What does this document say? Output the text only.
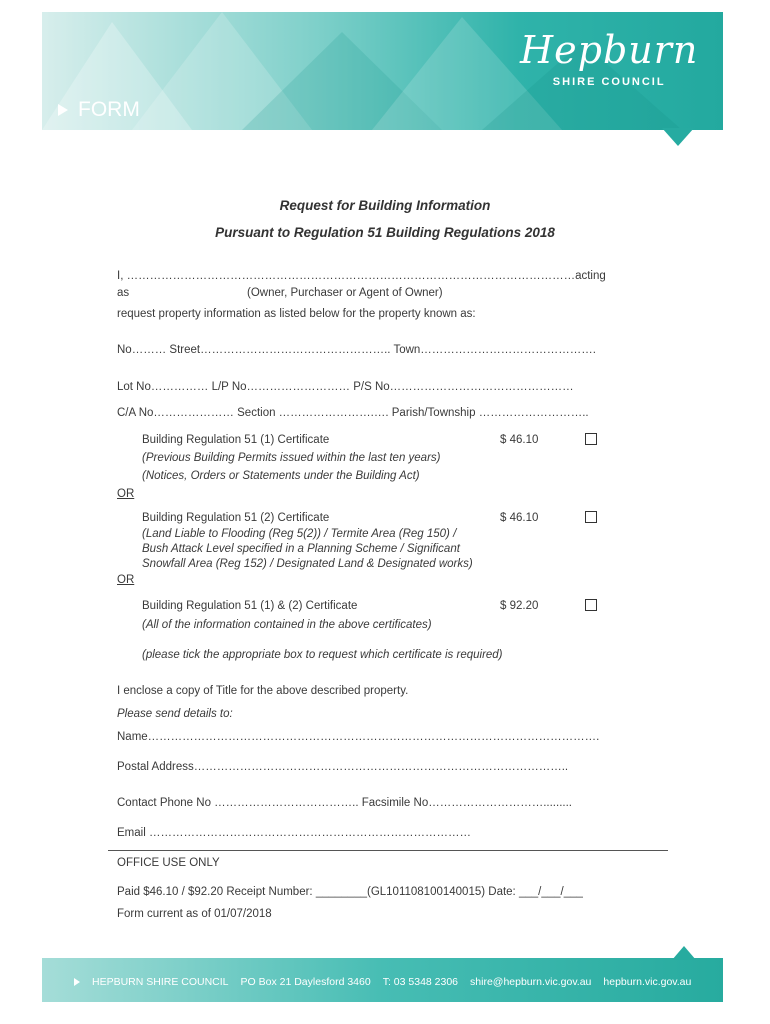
FORM
Hepburn
SHIRE COUNCIL
Request for Building Information
Pursuant to Regulation 51 Building Regulations 2018
I, ………………………………………………………………………………………………………acting
as	(Owner, Purchaser or Agent of Owner)
request property information as listed below for the property known as:
No……… Street………………………………………….. Town……………………………………….
Lot No…………… L/P No……………………… P/S No…………………………………………
C/A No………………… Section …………………….…. Parish/Township ………………………..
Building Regulation 51 (1) Certificate	$ 46.10
(Previous Building Permits issued within the last ten years)
(Notices, Orders or Statements under the Building Act)
OR
Building Regulation 51 (2) Certificate	$ 46.10
(Land Liable to Flooding (Reg 5(2)) / Termite Area (Reg 150) /
Bush Attack Level specified in a Planning Scheme / Significant
Snowfall Area (Reg 152) / Designated Land & Designated works)
OR
Building Regulation 51 (1) & (2) Certificate	$ 92.20
(All of the information contained in the above certificates)
(please tick the appropriate box to request which certificate is required)
I enclose a copy of Title for the above described property.
Please send details to:
Name……………………………………………………………………………………………………….
Postal Address……………………………………………………………………………………..
Contact Phone No ……………………………….. Facsimile No………………………….........
Email …………………………………………………………………………
OFFICE USE ONLY
Paid $46.10 / $92.20 Receipt Number: ________(GL101108100140015) Date: ___/___/___
Form current as of 01/07/2018
HEPBURN SHIRE COUNCIL PO Box 21 Daylesford 3460 T: 03 5348 2306 shire@hepburn.vic.gov.au hepburn.vic.gov.au
